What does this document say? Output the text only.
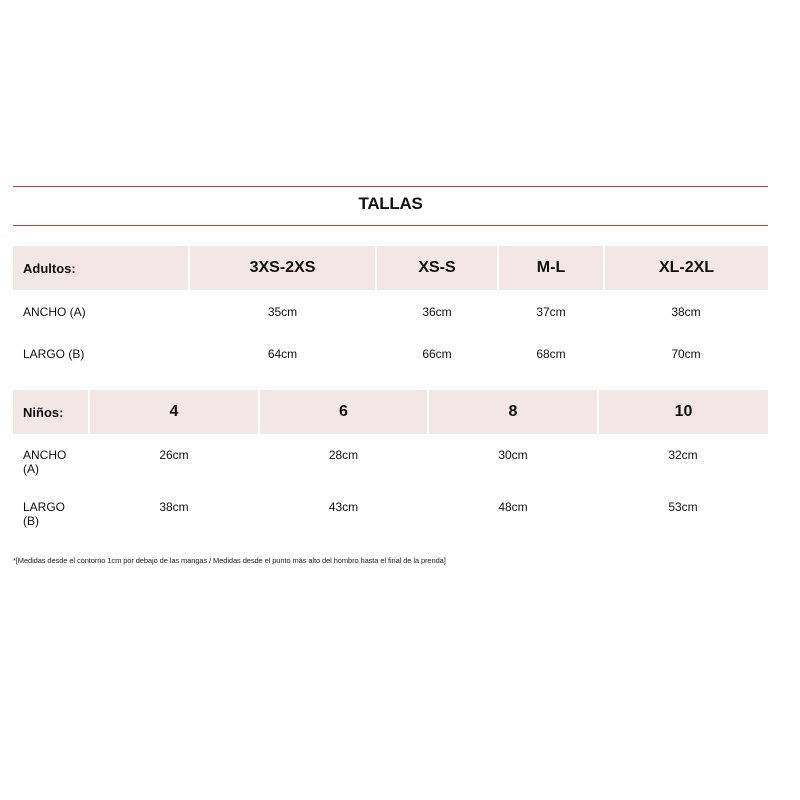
TALLAS
Adultos:	3XS-2XS	XS-S	M-L	XL-2XL
ANCHO (A)	35cm	36cm	37cm	38cm
LARGO (B)	64cm	66cm	68cm	70cm
Niños:	4	6	8	10
ANCHO
(A)	26cm	28cm	30cm	32cm
LARGO
(B)	38cm	43cm	48cm	53cm
*[Medidas desde el contorno 1cm por debajo de las mangas / Medidas desde el punto más alto del hombro hasta el final de la prenda]
